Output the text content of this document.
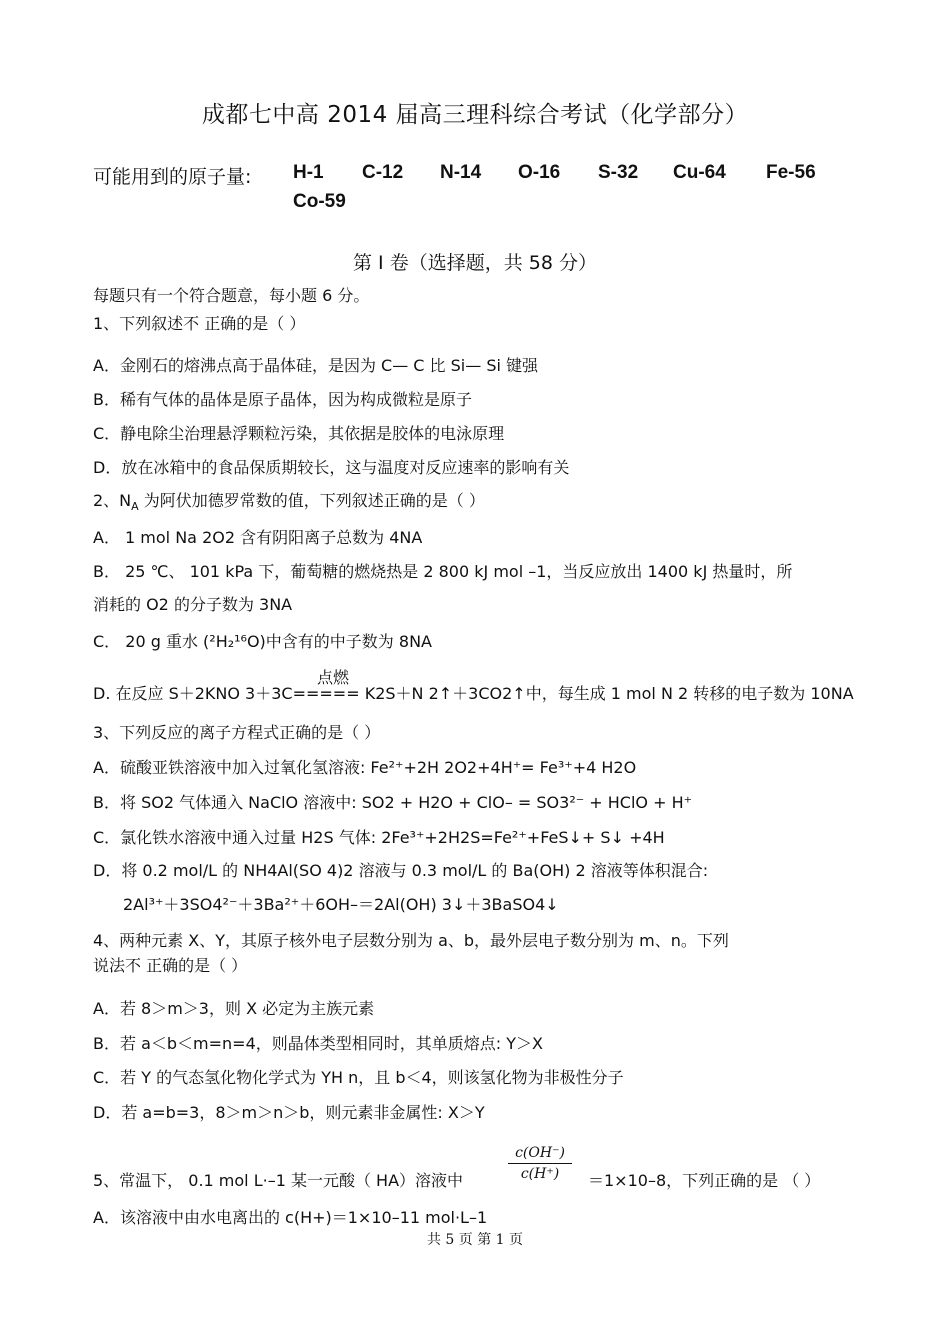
成都七中高 2014 届高三理科综合考试（化学部分）
可能用到的原子量: H-1 C-12 N-14 O-16 S-32 Cu-64 Fe-56
Co-59
第 I 卷（选择题，共 58 分）
每题只有一个符合题意，每小题 6 分。
1、下列叙述不 正确的是（ ）
A．金刚石的熔沸点高于晶体硅，是因为 C— C 比 Si— Si 键强
B．稀有气体的晶体是原子晶体，因为构成微粒是原子
C．静电除尘治理悬浮颗粒污染，其依据是胶体的电泳原理
D．放在冰箱中的食品保质期较长，这与温度对反应速率的影响有关
2、$N_A$ 为阿伏加德罗常数的值，下列叙述正确的是（ ）
A． 1 mol Na 2O2 含有阴阳离子总数为 4NA
B． 25 ℃、 101 kPa 下，葡萄糖的燃烧热是 2 800 kJ mol –1，当反应放出 1400 kJ 热量时，所
消耗的 O2 的分子数为 3NA
C． 20 g 重水 (²H₂¹⁶O)中含有的中子数为 8NA
点燃
D. 在反应 S＋2KNO 3＋3C===== K2S＋N 2↑＋3CO2↑中，每生成 1 mol N 2 转移的电子数为 10NA
3、下列反应的离子方程式正确的是（ ）
A．硫酸亚铁溶液中加入过氧化氢溶液: Fe²⁺+2H 2O2+4H⁺= Fe³⁺+4 H2O
B．将 SO2 气体通入 NaClO 溶液中: SO2 + H2O + ClO– = SO3²⁻ + HClO + H⁺
C．氯化铁水溶液中通入过量 H2S 气体: 2Fe³⁺+2H2S=Fe²⁺+FeS↓+ S↓ +4H
D．将 0.2 mol/L 的 NH4Al(SO 4)2 溶液与 0.3 mol/L 的 Ba(OH) 2 溶液等体积混合:
2Al³⁺＋3SO4²⁻＋3Ba²⁺＋6OH–＝2Al(OH) 3↓＋3BaSO4↓
4、两种元素 X、Y，其原子核外电子层数分别为 a、b，最外层电子数分别为 m、n。下列
说法不 正确的是（ ）
A．若 8＞m＞3，则 X 必定为主族元素
B．若 a＜b＜m=n=4，则晶体类型相同时，其单质熔点: Y＞X
C．若 Y 的气态氢化物化学式为 YH n，且 b＜4，则该氢化物为非极性分子
D．若 a=b=3，8＞m＞n＞b，则元素非金属性: X＞Y
5、常温下， 0.1 mol L·–1 某一元酸（ HA）溶液中	$\frac{c(OH^-)}{c(H^+)} =1\times 10-8$，下列正确的是 （ ）
A．该溶液中由水电离出的 c(H+)＝1×10–11 mol·L–1
共 5 页 第 1 页
